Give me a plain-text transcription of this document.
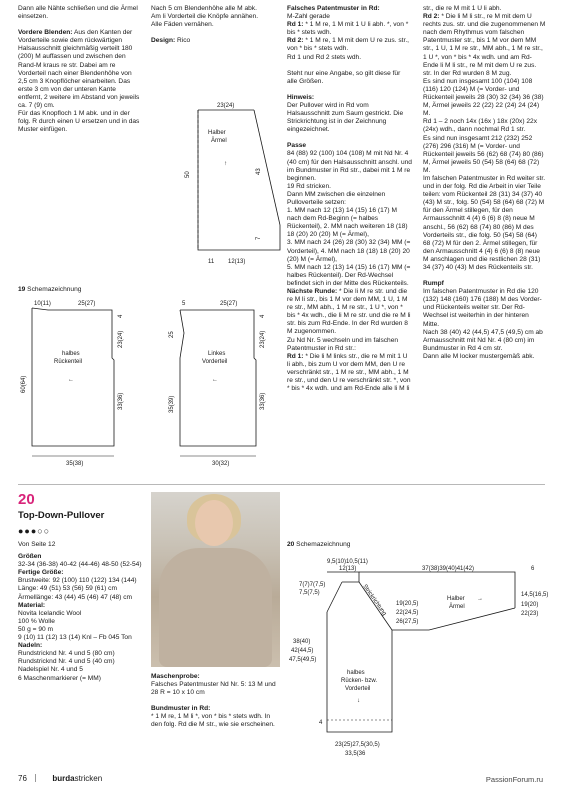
Dann alle Nähte schließen und die Ärmel einsetzen.

Vordere Blenden: Aus den Kanten der Vorderteile sowie dem rückwärtigen Halsausschnitt gleichmäßig verteilt 180 (200) M auffassen und zwischen den Rand-M kraus re str. Dabei am re Vorderteil nach einer Blendenhöhe von 2,5 cm 3 Knopflöcher einarbeiten. Das erste 3 cm von der unteren Kante entfernt, 2 weitere im Abstand von jeweils ca. 7 (9) cm.
Für das Knopfloch 1 M abk. und in der folg. R durch einen U ersetzen und in das Muster einfügen.

Nach 5 cm Blendenhöhe alle M abk.
Am li Vorderteil die Knöpfe annähen.
Alle Fäden vernähen.

Design: Rico

Falsches Patentmuster in Rd:

M-Zahl gerade

Rd 1: * 1 M re, 1 M mit 1 U li abh. *, von * bis * stets wdh.

Rd 2: * 1 M re, 1 M mit dem U re zus. str., von * bis * stets wdh.
Rd 1 und Rd 2 stets wdh.

Steht nur eine Angabe, so gilt diese für alle Größen.

Hinweis:

Der Pullover wird in Rd vom Halsausschnitt zum Saum gestrickt. Die Strickrichtung ist in der Zeichnung eingezeichnet.

Passe

84 (88) 92 (100) 104 (108) M mit Nd Nr. 4 (40 cm) für den Halsausschnitt anschl. und im Bundmuster in Rd str., dabei mit 1 M re beginnen.
19 Rd stricken.
Dann MM zwischen die einzelnen Pulloverteile setzen:
1. MM nach 12 (13) 14 (15) 16 (17) M nach dem Rd-Beginn (= halbes Rückenteil), 2. MM nach weiteren 18 (18) 18 (20) 20 (20) M (= Ärmel),
3. MM nach 24 (26) 28 (30) 32 (34) MM (= Vorderteil), 4. MM nach 18 (18) 18 (20) 20 (20) M (= Ärmel),
5. MM nach 12 (13) 14 (15) 16 (17) MM (= halbes Rückenteil). Der Rd-Wechsel befindet sich in der Mitte des Rückenteils.

Nächste Runde: * Die li M re str. und die re M li str., bis 1 M vor dem MM, 1 U, 1 M re str., MM abh., 1 M re str., 1 U *, von * bis * 4x wdh., die li M re str. und die re M li str. bis zum Rd-Ende. In der Rd wurden 8 M zugenommen.
Zu Nd Nr. 5 wechseln und im falschen Patentmuster in Rd str.:

Rd 1: * Die li M links str., die re M mit 1 U li abh., bis zum U vor dem MM, den U re verschränkt str., 1 M re str., MM abh., 1 M re str., und den U re verschränkt str. *, von * bis * 4x wdh. und am Rd-Ende alle li M li

str., die re M mit 1 U li abh.

Rd 2: * Die li M li str., re M mit dem U rechts zus. str. und die zugenommenen M nach dem Rhythmus vom falschen Patentmuster str., bis 1 M vor dem MM str., 1 U, 1 M re str., MM abh., 1 M re str., 1 U *, von * bis * 4x wdh. und am Rd-Ende li M li str., re M mit dem U re zus. str. In der Rd wurden 8 M zug.
Es sind nun insgesamt 100 (104) 108 (116) 120 (124) M (= Vorder- und Rückenteil jeweils 28 (30) 32 (34) 36 (38) M, Ärmel jeweils 22 (22) 22 (24) 24 (24) M.
Rd 1 – 2 noch 14x (16x ) 18x (20x) 22x (24x) wdh., dann nochmal Rd 1 str.
Es sind nun insgesamt 212 (232) 252 (276) 296 (316) M (= Vorder- und Rückenteil jeweils 56 (62) 68 (74) 80 (86) M, Ärmel jeweils 50 (54) 58 (64) 68 (72) M.
Im falschen Patentmuster in Rd weiter str. und in der folg. Rd die Arbeit in vier Teile teilen: vom Rückenteil 28 (31) 34 (37) 40 (43) M str., folg. 50 (54) 58 (64) 68 (72) M für den Ärmel stillegen, für den Armausschnitt 4 (4) 6 (6) 8 (8) neue M anschl., 56 (62) 68 (74) 80 (86) M des Vorderteils str., die folg. 50 (54) 58 (64) 68 (72) M für den 2. Ärmel stillegen, für den Armausschnitt 4 (4) 6 (6) 8 (8) neue M anschlagen und die restlichen 28 (31) 34 (37) 40 (43) M des Rückenteils str.

Rumpf

Im falschen Patentmuster in Rd die 120 (132) 148 (160) 176 (188) M des Vorder- und Rückenteils weiter str. Der Rd-Wechsel ist weiterhin in der hinteren Mitte.
Nach 38 (40) 42 (44,5) 47,5 (49,5) cm ab Armausschnitt mit Nd Nr. 4 (80 cm) im Bundmuster in Rd 4 cm str.
Dann alle M locker mustergemäß abk.

23(24)
Halber
Ärmel
↑
50	43
7
11 12(13)
19 Schemazeichnung
10(11)	25(27)
4
23(24)
33(36)
60(64)
halbes
Rückenteil
←
35(38)
5	25(27)
4
23(24)
33(36)
25
35(39)
Linkes
Vorderteil
←
30(32)
20
Top-Down-Pullover
●●●○○

Von Seite 12

Größen

32-34 (36-38) 40-42 (44-46) 48-50 (52-54)

Fertige Größe:

Brustweite: 92 (100) 110 (122) 134 (144)
Länge: 49 (51) 53 (56) 59 (61) cm
Ärmellänge: 43 (44) 45 (46) 47 (48) cm

Material:

Novita Icelandic Wool
100 % Wolle
50 g = 90 m
9 (10) 11 (12) 13 (14) Knl – Fb 045 Ton

Nadeln:

Rundstricknd Nr. 4 und 5 (80 cm)
Rundstricknd Nr. 4 und 5 (40 cm)
Nadelspiel Nr. 4 und 5
6 Maschenmarkierer (= MM)	Maschenprobe:

Falsches Patentmuster Nd Nr. 5: 13 M und 28 R = 10 x 10 cm

Bundmuster in Rd:

* 1 M re, 1 M li *, von * bis * stets wdh. In den folg. Rd die M str., wie sie erscheinen.

20 Schemazeichnung
9,5(10)10,5(11)
12(13)
7(7)7(7,5)
7,5(7,5)
37(38)39(40)41(42)	6
14,5(16,5)
19(20)
22(23)
19(20,5)
22(24,5)
26(27,5)
Strickrichtung	Halber
Ärmel
→
38(40)
42(44,5)
47,5(49,5)
halbes
Rücken- bzw.
Vorderteil
↓
4
23(25)27,5(30,5)
33,5(36
76	burdastricken	PassionForum.ru
